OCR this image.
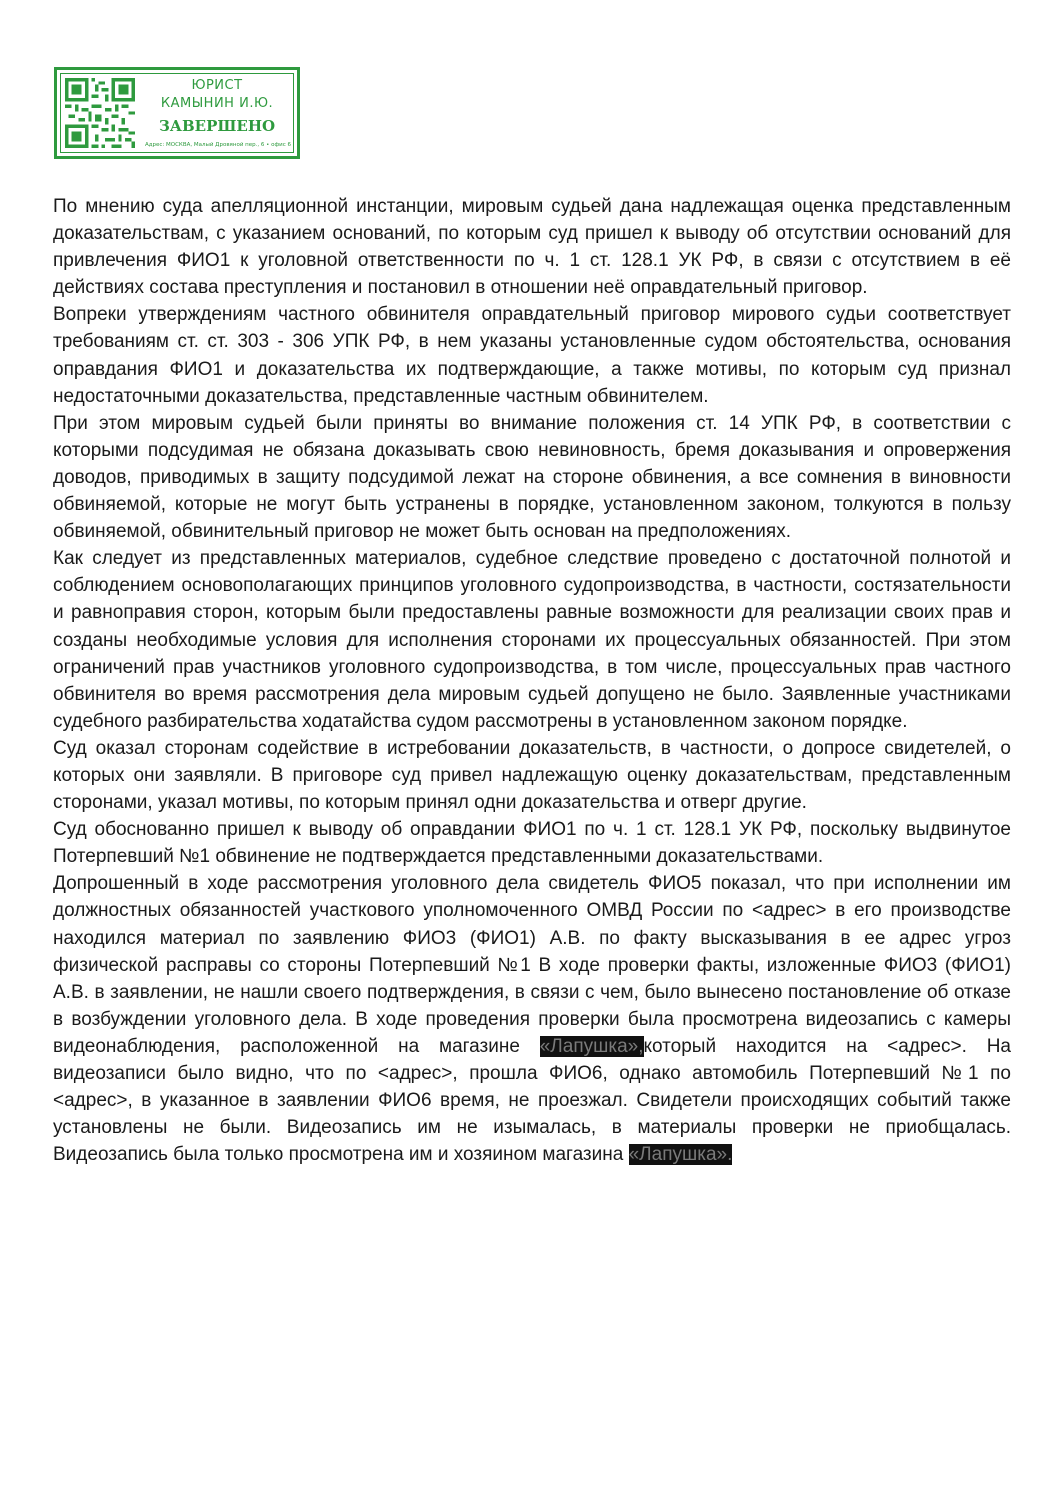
ЮРИСТ
КАМЫНИН И.Ю.
ЗАВЕРШЕНО
Адрес: МОСКВА, Малый Дровяной пер., 6 • офис 6

По мнению суда апелляционной инстанции, мировым судьей дана надлежащая оценка представленным доказательствам, с указанием оснований, по которым суд пришел к выводу об отсутствии оснований для привлечения ФИО1 к уголовной ответственности по ч. 1 ст. 128.1 УК РФ, в связи с отсутствием в её действиях состава преступления и постановил в отношении неё оправдательный приговор.

Вопреки утверждениям частного обвинителя оправдательный приговор мирового судьи соответствует требованиям ст. ст. 303 - 306 УПК РФ, в нем указаны установленные судом обстоятельства, основания оправдания ФИО1 и доказательства их подтверждающие, а также мотивы, по которым суд признал недостаточными доказательства, представленные частным обвинителем.

При этом мировым судьей были приняты во внимание положения ст. 14 УПК РФ, в соответствии с которыми подсудимая не обязана доказывать свою невиновность, бремя доказывания и опровержения доводов, приводимых в защиту подсудимой лежат на стороне обвинения, а все сомнения в виновности обвиняемой, которые не могут быть устранены в порядке, установленном законом, толкуются в пользу обвиняемой, обвинительный приговор не может быть основан на предположениях.

Как следует из представленных материалов, судебное следствие проведено с достаточной полнотой и соблюдением основополагающих принципов уголовного судопроизводства, в частности, состязательности и равноправия сторон, которым были предоставлены равные возможности для реализации своих прав и созданы необходимые условия для исполнения сторонами их процессуальных обязанностей. При этом ограничений прав участников уголовного судопроизводства, в том числе, процессуальных прав частного обвинителя во время рассмотрения дела мировым судьей допущено не было. Заявленные участниками судебного разбирательства ходатайства судом рассмотрены в установленном законом порядке.

Суд оказал сторонам содействие в истребовании доказательств, в частности, о допросе свидетелей, о которых они заявляли. В приговоре суд привел надлежащую оценку доказательствам, представленным сторонами, указал мотивы, по которым принял одни доказательства и отверг другие.

Суд обоснованно пришел к выводу об оправдании ФИО1 по ч. 1 ст. 128.1 УК РФ, поскольку выдвинутое Потерпевший №1 обвинение не подтверждается представленными доказательствами.

Допрошенный в ходе рассмотрения уголовного дела свидетель ФИО5 показал, что при исполнении им должностных обязанностей участкового уполномоченного ОМВД России по <адрес> в его производстве находился материал по заявлению ФИО3 (ФИО1) А.В. по факту высказывания в ее адрес угроз физической расправы со стороны Потерпевший №1 В ходе проверки факты, изложенные ФИО3 (ФИО1) А.В. в заявлении, не нашли своего подтверждения, в связи с чем, было вынесено постановление об отказе в возбуждении уголовного дела. В ходе проведения проверки была просмотрена видеозапись с камеры видеонаблюдения, расположенной на магазине «Лапушка»,который находится на <адрес>. На видеозаписи было видно, что по <адрес>, прошла ФИО6, однако автомобиль Потерпевший №1 по <адрес>, в указанное в заявлении ФИО6 время, не проезжал. Свидетели происходящих событий также установлены не были. Видеозапись им не изымалась, в материалы проверки не приобщалась. Видеозапись была только просмотрена им и хозяином магазина «Лапушка».
